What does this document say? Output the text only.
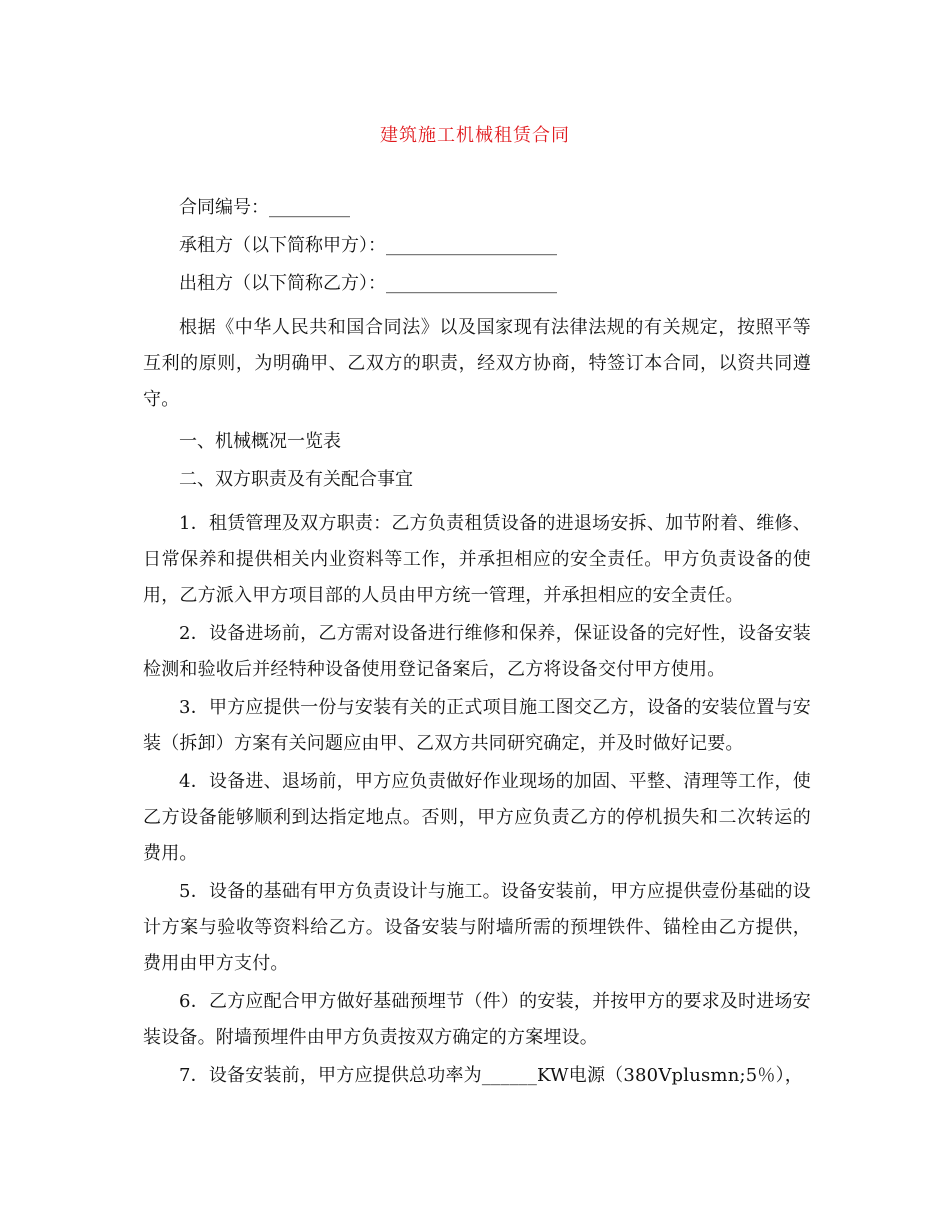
建筑施工机械租赁合同

合同编号：_________

承租方（以下简称甲方）：___________________

出租方（以下简称乙方）：___________________

根据《中华人民共和国合同法》以及国家现有法律法规的有关规定，按照平等互利的原则，为明确甲、乙双方的职责，经双方协商，特签订本合同，以资共同遵守。

一、机械概况一览表

二、双方职责及有关配合事宜

1．租赁管理及双方职责：乙方负责租赁设备的进退场安拆、加节附着、维修、日常保养和提供相关内业资料等工作，并承担相应的安全责任。甲方负责设备的使用，乙方派入甲方项目部的人员由甲方统一管理，并承担相应的安全责任。

2．设备进场前，乙方需对设备进行维修和保养，保证设备的完好性，设备安装检测和验收后并经特种设备使用登记备案后，乙方将设备交付甲方使用。

3．甲方应提供一份与安装有关的正式项目施工图交乙方，设备的安装位置与安装（拆卸）方案有关问题应由甲、乙双方共同研究确定，并及时做好记要。

4．设备进、退场前，甲方应负责做好作业现场的加固、平整、清理等工作，使乙方设备能够顺利到达指定地点。否则，甲方应负责乙方的停机损失和二次转运的费用。

5．设备的基础有甲方负责设计与施工。设备安装前，甲方应提供壹份基础的设计方案与验收等资料给乙方。设备安装与附墙所需的预埋铁件、锚栓由乙方提供，费用由甲方支付。

6．乙方应配合甲方做好基础预埋节（件）的安装，并按甲方的要求及时进场安装设备。附墙预埋件由甲方负责按双方确定的方案埋设。

7．设备安装前，甲方应提供总功率为______KW电源（380Vplusmn;5％），
